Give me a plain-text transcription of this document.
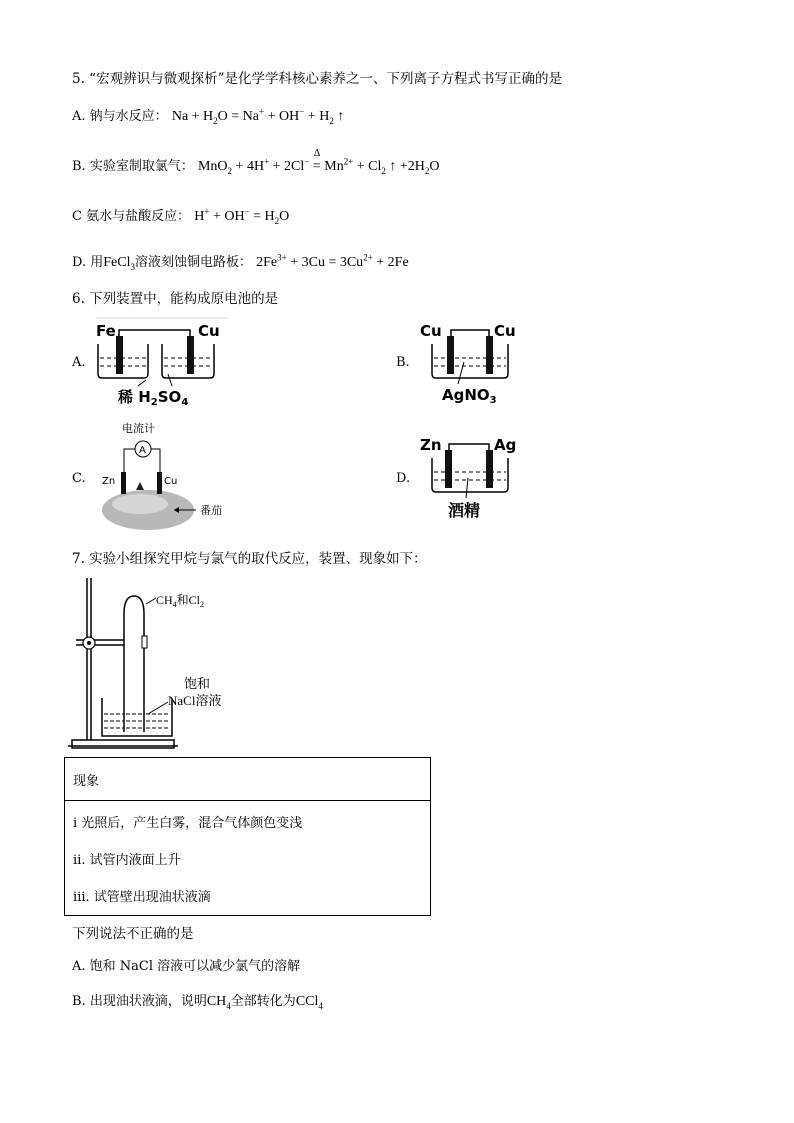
5. “宏观辨识与微观探析”是化学学科核心素养之一、下列离子方程式书写正确的是
A. 钠与水反应： $Na + H_2O = Na^+ + OH^- + H_2$ ↑
B. 实验室制取氯气： MnO$_2$ + 4H+ + 2Cl− =
Δ
$Mn^{2+} + Cl_2$ ↑ $+2H_2O$
C 氨水与盐酸反应： $H^+ + OH^- = H_2O$
D. 用FeCl$_3$溶液刻蚀铜电路板： $2Fe^{3+} + 3Cu = 3Cu^{2+} + 2Fe$
6. 下列装置中，能构成原电池的是
A.
Fe	Cu
稀 $H_2SO_4$
B.
Cu	Cu
AgNO$_3$
C.
电流计
A
Zn	Cu
番茄
D.
Zn	Ag
酒精
7. 实验小组探究甲烷与氯气的取代反应，装置、现象如下：
$CH_4$和$Cl_2$
饱和
NaCl溶液
现象
ⅰ 光照后，产生白雾，混合气体颜色变浅
ⅱ. 试管内液面上升
ⅲ. 试管壁出现油状液滴
下列说法不正确的是
A. 饱和 NaCl 溶液可以减少氯气的溶解
B. 出现油状液滴，说明$CH_4$全部转化为CCl$_4$
